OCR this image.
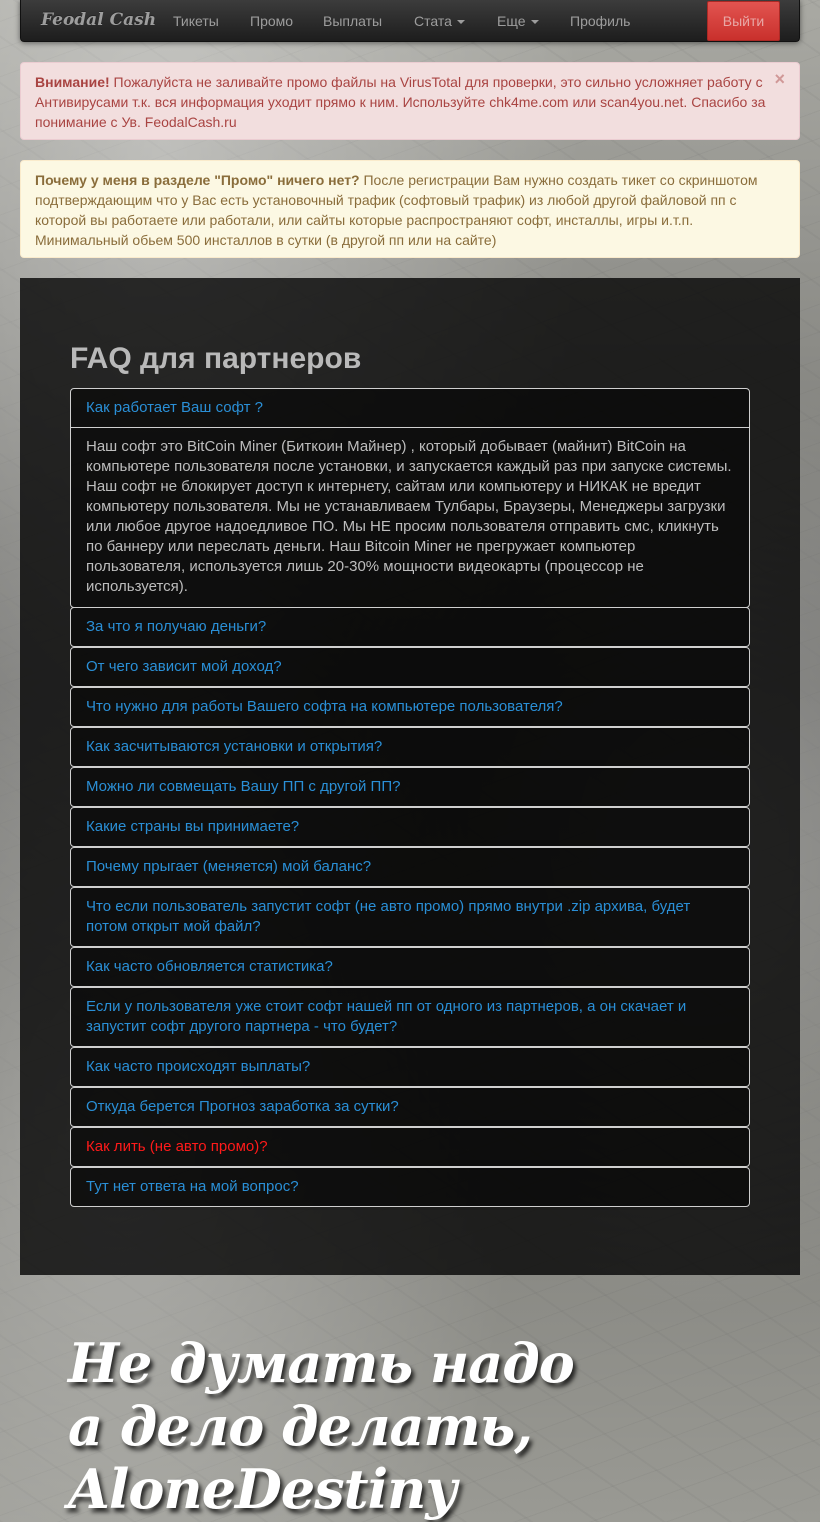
Feodal Cash Тикеты Промо Выплаты Стата	Еще	Профиль	Выйти
×
Внимание! Пожалуйста не заливайте промо файлы на VirusTotal для проверки, это сильно усложняет работу с Антивирусами т.к. вся информация уходит прямо к ним. Используйте chk4me.com или scan4you.net. Спасибо за понимание с Ув. FeodalCash.ru
Почему у меня в разделе "Промо" ничего нет? После регистрации Вам нужно создать тикет со скриншотом подтверждающим что у Вас есть установочный трафик (софтовый трафик) из любой другой файловой пп с которой вы работаете или работали, или сайты которые распространяют софт, инсталлы, игры и.т.п. Минимальный обьем 500 инсталлов в сутки (в другой пп или на сайте)
FAQ для партнеров
Как работает Ваш софт ?
Наш софт это BitCoin Miner (Биткоин Майнер) , который добывает (майнит) BitCoin на компьютере пользователя после установки, и запускается каждый раз при запуске системы. Наш софт не блокирует доступ к интернету, сайтам или компьютеру и НИКАК не вредит компьютеру пользователя. Мы не устанавливаем Тулбары, Браузеры, Менеджеры загрузки или любое другое надоедливое ПО. Мы НЕ просим пользователя отправить смс, кликнуть по баннеру или переслать деньги. Наш Bitcoin Miner не прегружает компьютер пользователя, используется лишь 20-30% мощности видеокарты (процессор не используется).
За что я получаю деньги?
От чего зависит мой доход?
Что нужно для работы Вашего софта на компьютере пользователя?
Как засчитываются установки и открытия?
Можно ли совмещать Вашу ПП с другой ПП?
Какие страны вы принимаете?
Почему прыгает (меняется) мой баланс?
Что если пользователь запустит софт (не авто промо) прямо внутри .zip архива, будет потом открыт мой файл?
Как часто обновляется статистика?
Если у пользователя уже стоит софт нашей пп от одного из партнеров, а он скачает и запустит софт другого партнера - что будет?
Как часто происходят выплаты?
Откуда берется Прогноз заработка за сутки?
Как лить (не авто промо)?
Тут нет ответа на мой вопрос?
Не думать надо
а дело делать,
AloneDestiny
